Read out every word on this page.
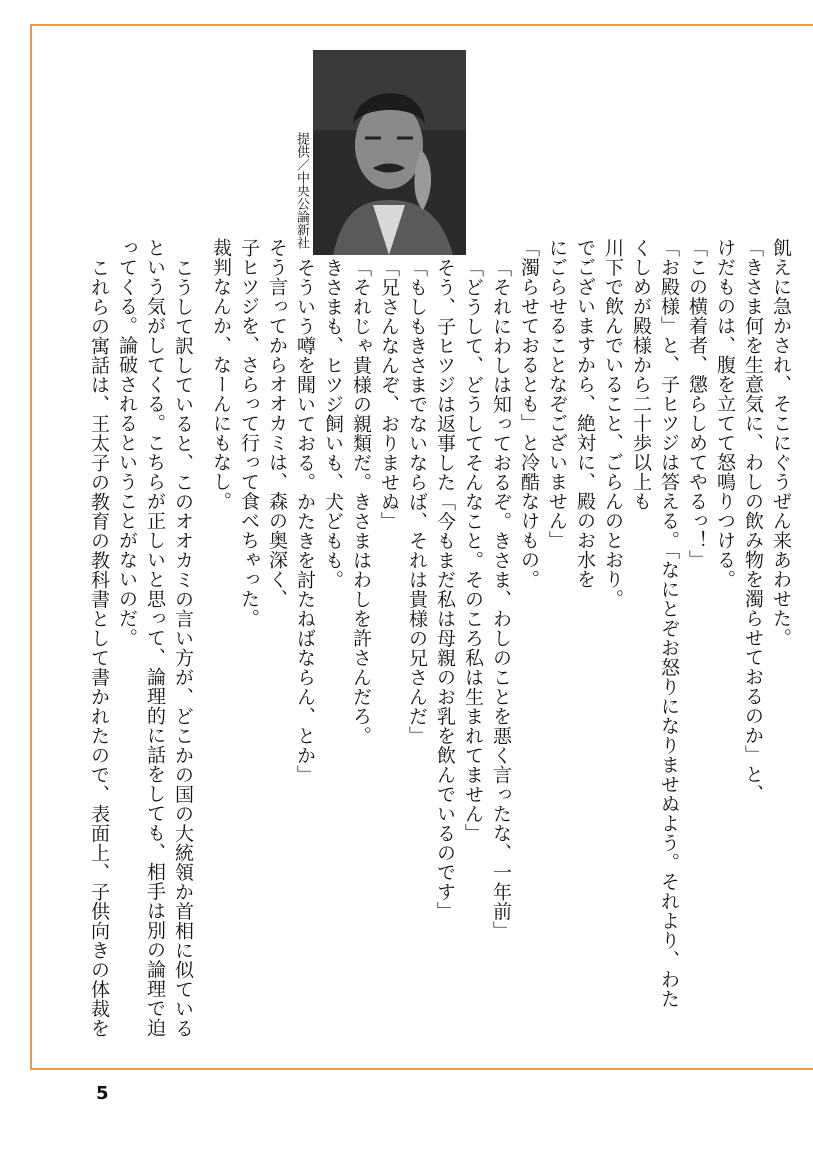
提供／中央公論新社
飢えに急かされ、そこにぐうぜん来あわせた。
「きさま何を生意気に、わしの飲み物を濁らせておるのか」と、
けだものは、腹を立てて怒鳴りつける。
「この横着者、懲らしめてやるっ！」
「お殿様」と、子ヒツジは答える。「なにとぞお怒りになりませぬよう。それより、わた
くしめが殿様から二十歩以上も
川下で飲んでいること、ごらんのとおり。
でございますから、絶対に、殿のお水を
にごらせることなぞございません」
「濁らせておるとも」と冷酷なけもの。
「それにわしは知っておるぞ。きさま、わしのことを悪く言ったな、一年前」
「どうして、どうしてそんなこと。そのころ私は生まれてません」
そう、子ヒツジは返事した「今もまだ私は母親のお乳を飲んでいるのです」
「もしもきさまでないならば、それは貴様の兄さんだ」
「兄さんなんぞ、おりませぬ」
「それじゃ貴様の親類だ。きさまはわしを許さんだろ。
きさまも、ヒツジ飼いも、犬どもも。
そういう噂を聞いておる。かたきを討たねばならん、とか」
そう言ってからオオカミは、森の奥深く、
子ヒツジを、さらって行って食べちゃった。
裁判なんか、なーんにもなし。
こうして訳していると、このオオカミの言い方が、どこかの国の大統領か首相に似ている
という気がしてくる。こちらが正しいと思って、論理的に話をしても、相手は別の論理で迫
ってくる。論破されるということがないのだ。
これらの寓話は、王太子の教育の教科書として書かれたので、表面上、子供向きの体裁を
5
